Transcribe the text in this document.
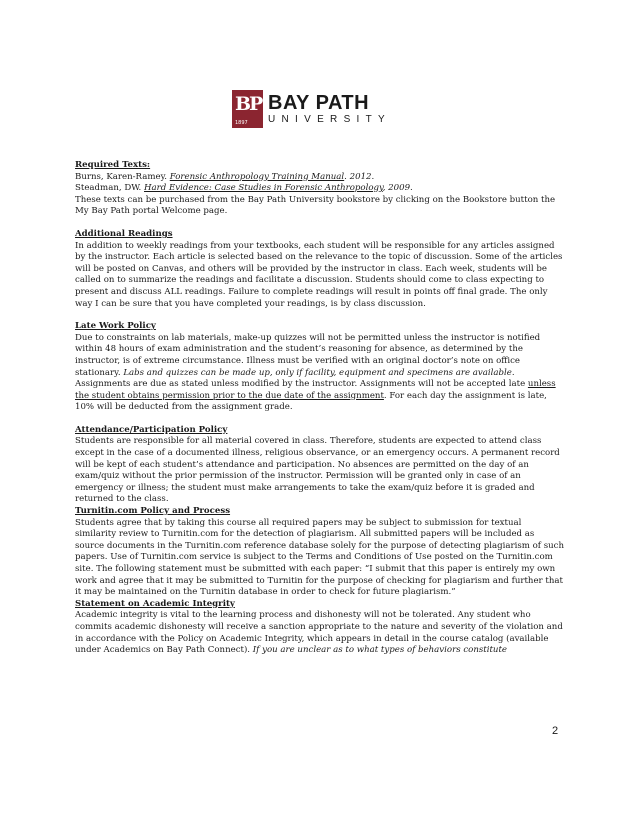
BP
1897
BAY PATH
UNIVERSITY

Required Texts:

Burns, Karen-Ramey. Forensic Anthropology Training Manual. 2012.

Steadman, DW. Hard Evidence: Case Studies in Forensic Anthropology, 2009.

These texts can be purchased from the Bay Path University bookstore by clicking on the Bookstore button the My Bay Path portal Welcome page.

Additional Readings

In addition to weekly readings from your textbooks, each student will be responsible for any articles assigned by the instructor. Each article is selected based on the relevance to the topic of discussion. Some of the articles will be posted on Canvas, and others will be provided by the instructor in class. Each week, students will be called on to summarize the readings and facilitate a discussion. Students should come to class expecting to present and discuss ALL readings. Failure to complete readings will result in points off final grade. The only way I can be sure that you have completed your readings, is by class discussion.

Late Work Policy

Due to constraints on lab materials, make-up quizzes will not be permitted unless the instructor is notified within 48 hours of exam administration and the student’s reasoning for absence, as determined by the instructor, is of extreme circumstance. Illness must be verified with an original doctor’s note on office stationary. Labs and quizzes can be made up, only if facility, equipment and specimens are available. Assignments are due as stated unless modified by the instructor. Assignments will not be accepted late unless the student obtains permission prior to the due date of the assignment. For each day the assignment is late, 10% will be deducted from the assignment grade.

Attendance/Participation Policy

Students are responsible for all material covered in class. Therefore, students are expected to attend class except in the case of a documented illness, religious observance, or an emergency occurs. A permanent record will be kept of each student’s attendance and participation. No absences are permitted on the day of an exam/quiz without the prior permission of the instructor. Permission will be granted only in case of an emergency or illness; the student must make arrangements to take the exam/quiz before it is graded and returned to the class.

Turnitin.com Policy and Process

Students agree that by taking this course all required papers may be subject to submission for textual similarity review to Turnitin.com for the detection of plagiarism. All submitted papers will be included as source documents in the Turnitin.com reference database solely for the purpose of detecting plagiarism of such papers. Use of Turnitin.com service is subject to the Terms and Conditions of Use posted on the Turnitin.com site. The following statement must be submitted with each paper: “I submit that this paper is entirely my own work and agree that it may be submitted to Turnitin for the purpose of checking for plagiarism and further that it may be maintained on the Turnitin database in order to check for future plagiarism.”

Statement on Academic Integrity

Academic integrity is vital to the learning process and dishonesty will not be tolerated. Any student who commits academic dishonesty will receive a sanction appropriate to the nature and severity of the violation and in accordance with the Policy on Academic Integrity, which appears in detail in the course catalog (available under Academics on Bay Path Connect). If you are unclear as to what types of behaviors constitute

2
